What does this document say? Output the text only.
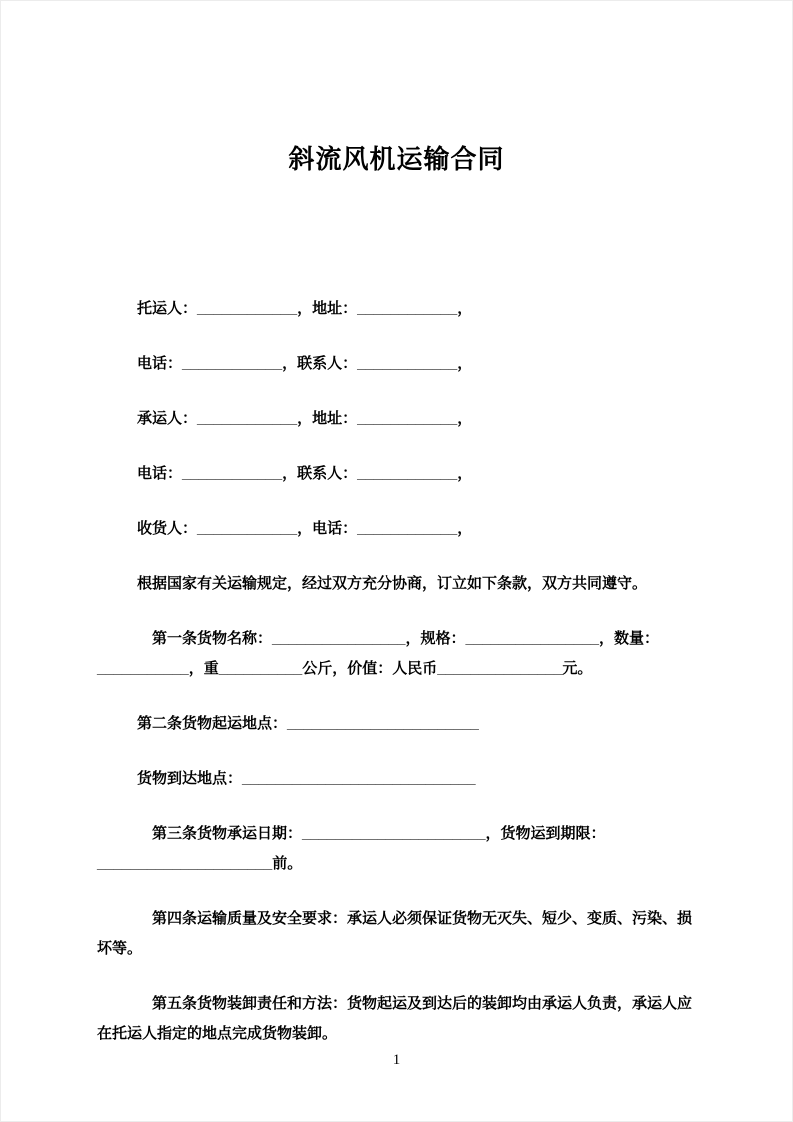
斜流风机运输合同

托运人：____________，地址：____________，

电话：____________，联系人：____________，

承运人：____________，地址：____________，

电话：____________，联系人：____________，

收货人：____________，电话：____________，

根据国家有关运输规定，经过双方充分协商，订立如下条款，双方共同遵守。

第一条货物名称：________________，规格：________________，数量：___________，重__________公斤，价值：人民币_______________元。

第二条货物起运地点：_______________________

货物到达地点：____________________________

第三条货物承运日期：______________________，货物运到期限：_____________________前。

第四条运输质量及安全要求：承运人必须保证货物无灭失、短少、变质、污染、损坏等。

第五条货物装卸责任和方法：货物起运及到达后的装卸均由承运人负责，承运人应在托运人指定的地点完成货物装卸。

1
